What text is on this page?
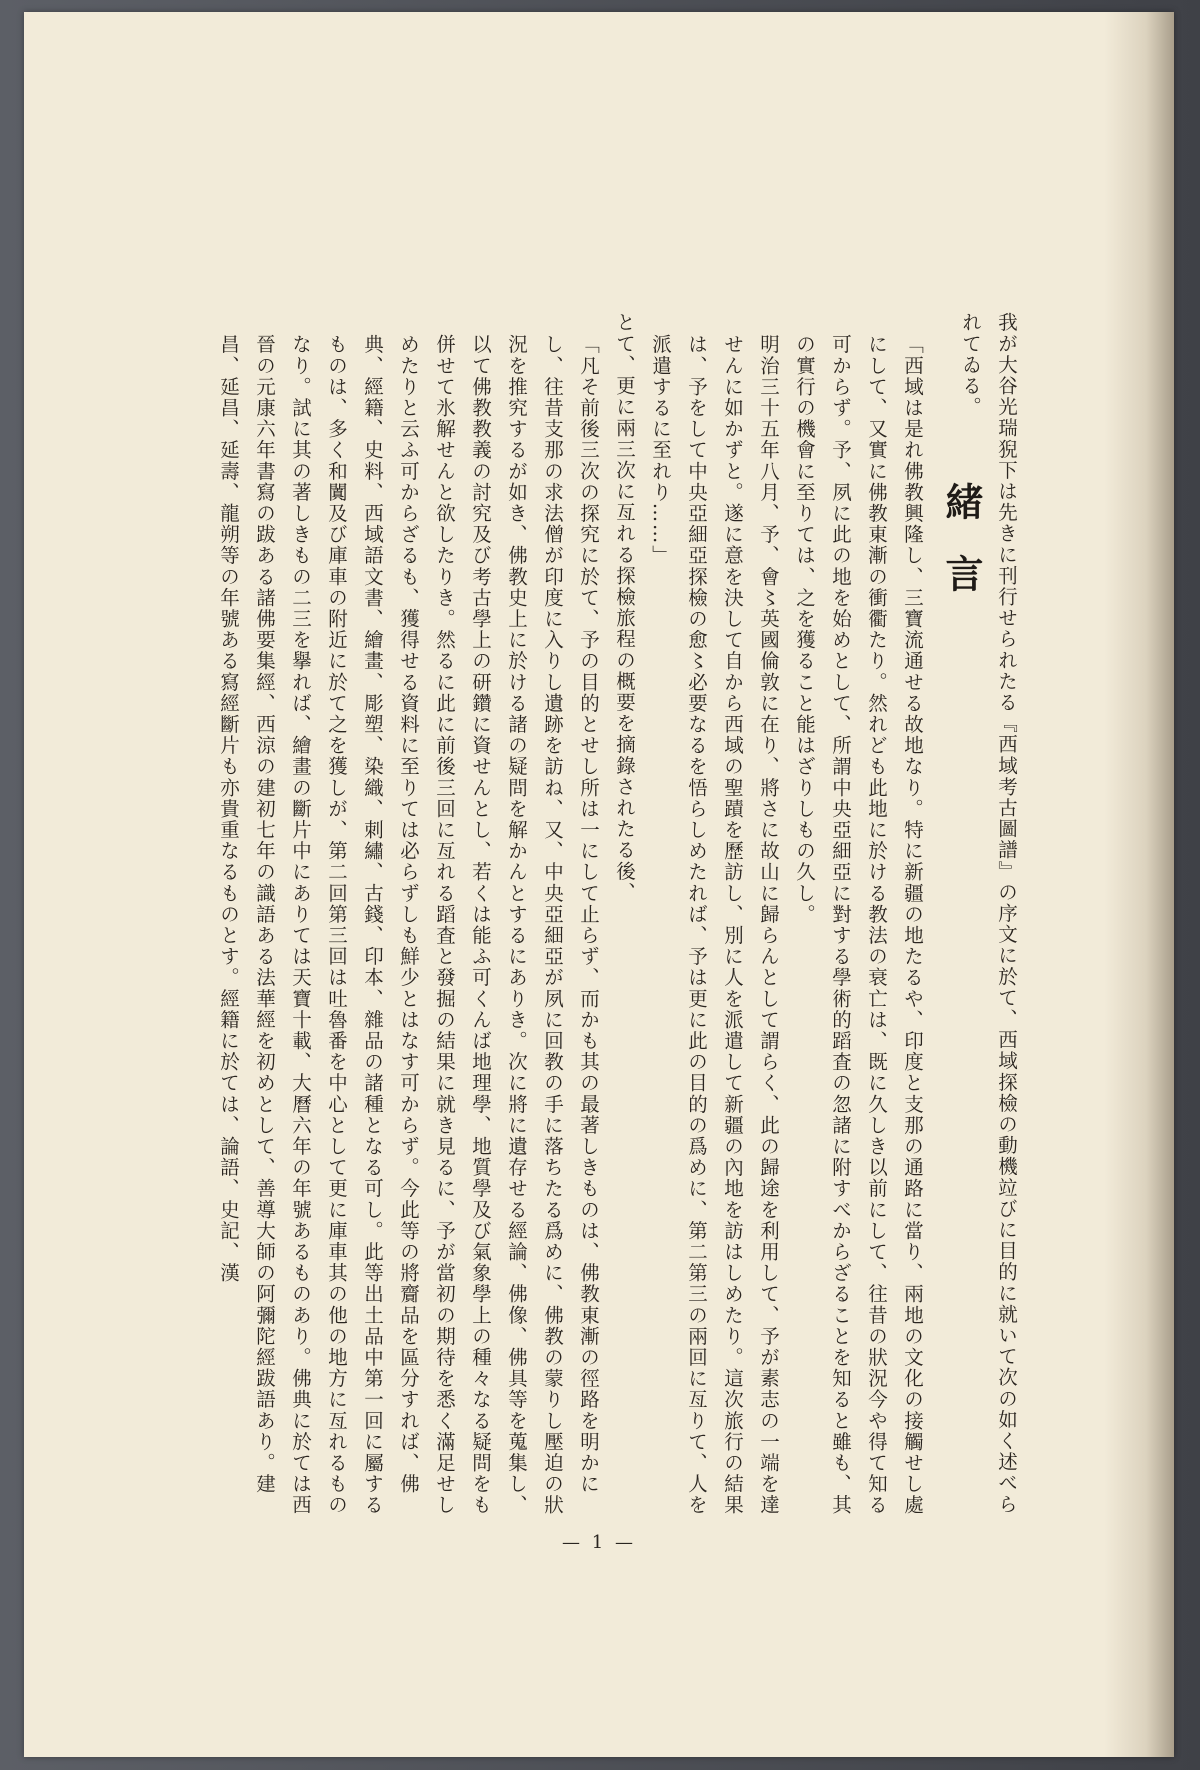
緒言 我が大谷光瑞猊下は先きに刊行せられたる『西域考古圖譜』の序文に於て、西域探檢の動機竝びに目的に就いて次の如く述べられてゐる。

「西域は是れ佛教興隆し、三寶流通せる故地なり。特に新疆の地たるや、印度と支那の通路に當り、兩地の文化の接觸せし處にして、又實に佛教東漸の衝衢たり。然れども此地に於ける教法の衰亡は、既に久しき以前にして、往昔の狀況今や得て知る可からず。予、夙に此の地を始めとして、所謂中央亞細亞に對する學術的蹈査の忽諸に附すべからざることを知ると雖も、其の實行の機會に至りては、之を獲ること能はざりしもの久し。

明治三十五年八月、予、會〻英國倫敦に在り、將さに故山に歸らんとして謂らく、此の歸途を利用して、予が素志の一端を達せんに如かずと。遂に意を決して自から西域の聖蹟を歷訪し、別に人を派遣して新疆の內地を訪はしめたり。這次旅行の結果は、予をして中央亞細亞探檢の愈〻必要なるを悟らしめたれば、予は更に此の目的の爲めに、第二第三の兩回に亙りて、人を派遣するに至れり……」

とて、更に兩三次に亙れる探檢旅程の概要を摘錄されたる後、

「凡そ前後三次の探究に於て、予の目的とせし所は一にして止らず、而かも其の最著しきものは、佛教東漸の徑路を明かにし、往昔支那の求法僧が印度に入りし遺跡を訪ね、又、中央亞細亞が夙に回教の手に落ちたる爲めに、佛教の蒙りし壓迫の狀況を推究するが如き、佛教史上に於ける諸の疑問を解かんとするにありき。次に將に遺存せる經論、佛像、佛具等を蒐集し、以て佛教教義の討究及び考古學上の研鑽に資せんとし、若くは能ふ可くんば地理學、地質學及び氣象學上の種々なる疑問をも併せて氷解せんと欲したりき。然るに此に前後三回に亙れる蹈査と發掘の結果に就き見るに、予が當初の期待を悉く滿足せしめたりと云ふ可からざるも、獲得せる資料に至りては必らずしも鮮少とはなす可からず。今此等の將齎品を區分すれば、佛典、經籍、史料、西域語文書、繪畫、彫塑、染織、刺繡、古錢、印本、雜品の諸種となる可し。此等出土品中第一回に屬するものは、多く和闐及び庫車の附近に於て之を獲しが、第二回第三回は吐魯番を中心として更に庫車其の他の地方に亙れるものなり。試に其の著しきもの二三を擧れば、繪畫の斷片中にありては天寶十載、大曆六年の年號あるものあり。佛典に於ては西晉の元康六年書寫の跋ある諸佛要集經、西涼の建初七年の識語ある法華經を初めとして、善導大師の阿彌陀經跋語あり。建昌、延昌、延壽、龍朔等の年號ある寫經斷片も亦貴重なるものとす。經籍に於ては、論語、史記、漢

— 1 —
